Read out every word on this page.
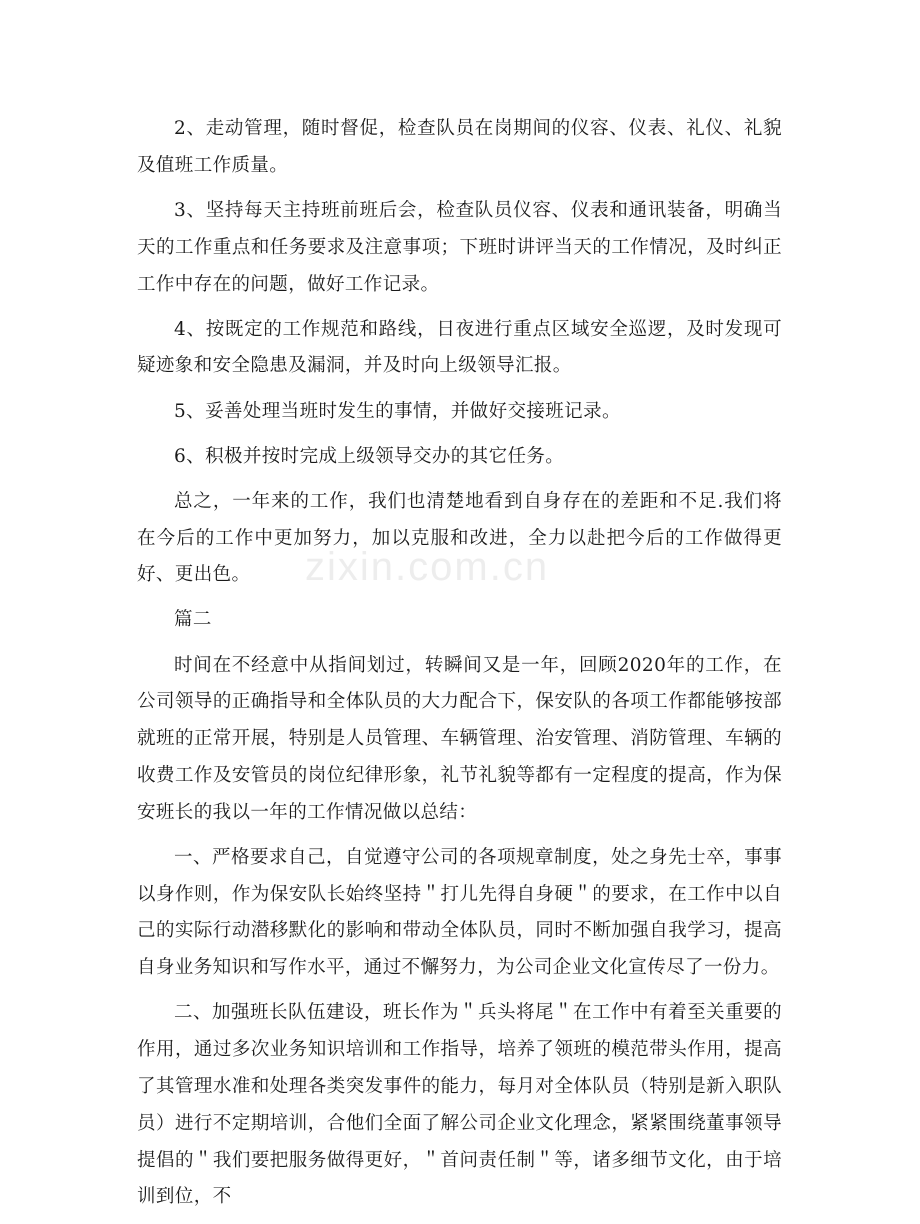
2、走动管理，随时督促，检查队员在岗期间的仪容、仪表、礼仪、礼貌及值班工作质量。

3、坚持每天主持班前班后会，检查队员仪容、仪表和通讯装备，明确当天的工作重点和任务要求及注意事项；下班时讲评当天的工作情况，及时纠正工作中存在的问题，做好工作记录。

4、按既定的工作规范和路线，日夜进行重点区域安全巡逻，及时发现可疑迹象和安全隐患及漏洞，并及时向上级领导汇报。

5、妥善处理当班时发生的事情，并做好交接班记录。

6、积极并按时完成上级领导交办的其它任务。

总之，一年来的工作，我们也清楚地看到自身存在的差距和不足.我们将在今后的工作中更加努力，加以克服和改进，全力以赴把今后的工作做得更好、更出色。

篇二

时间在不经意中从指间划过，转瞬间又是一年，回顾2020年的工作，在公司领导的正确指导和全体队员的大力配合下，保安队的各项工作都能够按部就班的正常开展，特别是人员管理、车辆管理、治安管理、消防管理、车辆的收费工作及安管员的岗位纪律形象，礼节礼貌等都有一定程度的提高，作为保安班长的我以一年的工作情况做以总结：

一、严格要求自己，自觉遵守公司的各项规章制度，处之身先士卒，事事以身作则，作为保安队长始终坚持＂打儿先得自身硬＂的要求，在工作中以自己的实际行动潜移默化的影响和带动全体队员，同时不断加强自我学习，提高自身业务知识和写作水平，通过不懈努力，为公司企业文化宣传尽了一份力。

二、加强班长队伍建设，班长作为＂兵头将尾＂在工作中有着至关重要的作用，通过多次业务知识培训和工作指导，培养了领班的模范带头作用，提高了其管理水准和处理各类突发事件的能力，每月对全体队员（特别是新入职队员）进行不定期培训，合他们全面了解公司企业文化理念，紧紧围绕董事领导提倡的＂我们要把服务做得更好，＂首问责任制＂等，诸多细节文化，由于培训到位，不

zixin.com.cn
